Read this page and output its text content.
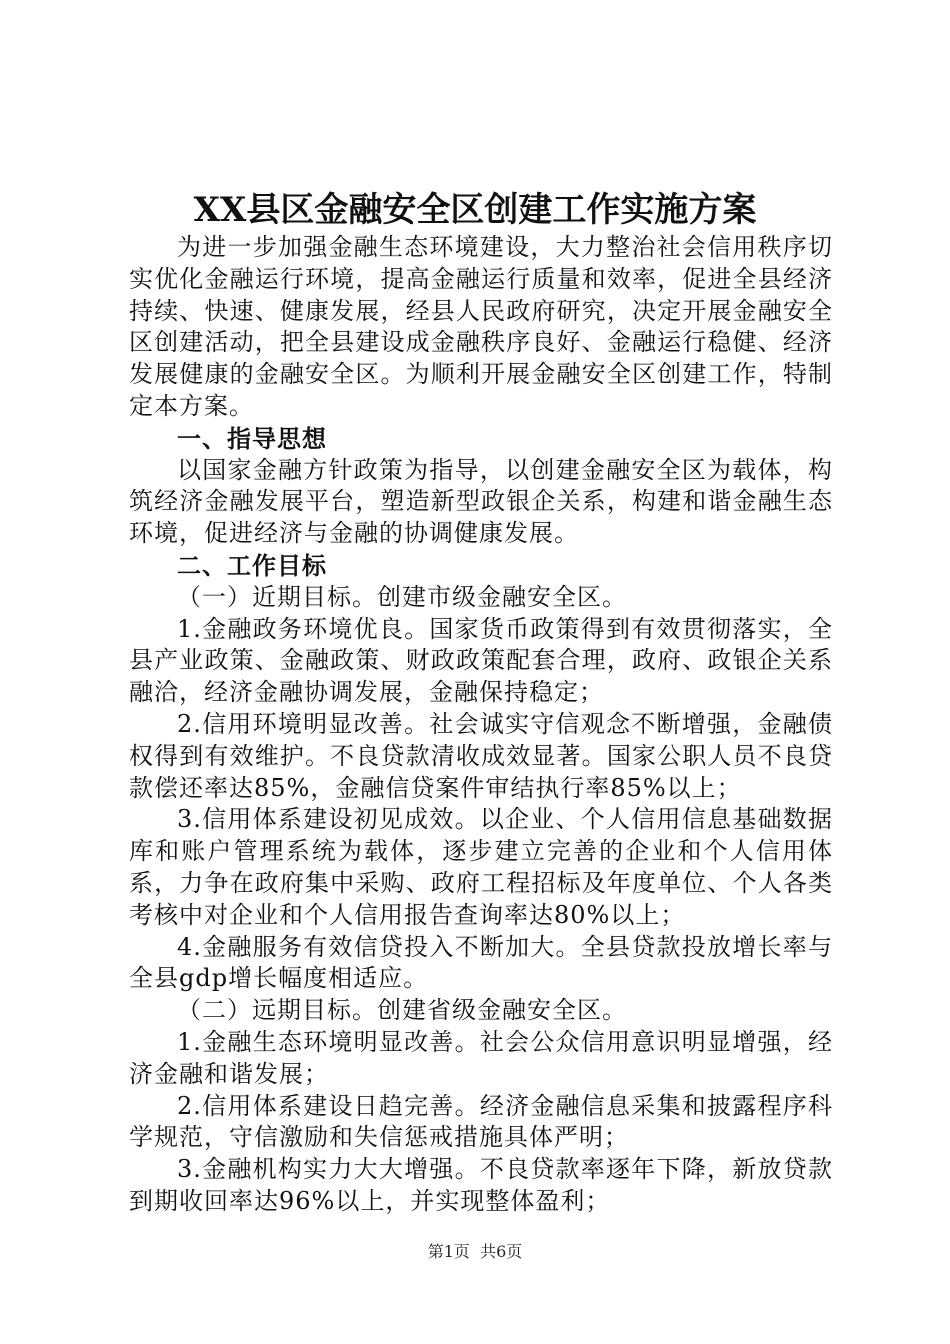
XX县区金融安全区创建工作实施方案

为进一步加强金融生态环境建设，大力整治社会信用秩序切实优化金融运行环境，提高金融运行质量和效率，促进全县经济持续、快速、健康发展，经县人民政府研究，决定开展金融安全区创建活动，把全县建设成金融秩序良好、金融运行稳健、经济发展健康的金融安全区。为顺利开展金融安全区创建工作，特制定本方案。

一、指导思想

以国家金融方针政策为指导，以创建金融安全区为载体，构筑经济金融发展平台，塑造新型政银企关系，构建和谐金融生态环境，促进经济与金融的协调健康发展。

二、工作目标

（一）近期目标。创建市级金融安全区。

1.金融政务环境优良。国家货币政策得到有效贯彻落实，全县产业政策、金融政策、财政政策配套合理，政府、政银企关系融洽，经济金融协调发展，金融保持稳定；

2.信用环境明显改善。社会诚实守信观念不断增强，金融债权得到有效维护。不良贷款清收成效显著。国家公职人员不良贷款偿还率达85%，金融信贷案件审结执行率85%以上；

3.信用体系建设初见成效。以企业、个人信用信息基础数据库和账户管理系统为载体，逐步建立完善的企业和个人信用体系，力争在政府集中采购、政府工程招标及年度单位、个人各类考核中对企业和个人信用报告查询率达80%以上；

4.金融服务有效信贷投入不断加大。全县贷款投放增长率与全县gdp增长幅度相适应。

（二）远期目标。创建省级金融安全区。

1.金融生态环境明显改善。社会公众信用意识明显增强，经济金融和谐发展；

2.信用体系建设日趋完善。经济金融信息采集和披露程序科学规范，守信激励和失信惩戒措施具体严明；

3.金融机构实力大大增强。不良贷款率逐年下降，新放贷款到期收回率达96%以上，并实现整体盈利；

第1页  共6页
